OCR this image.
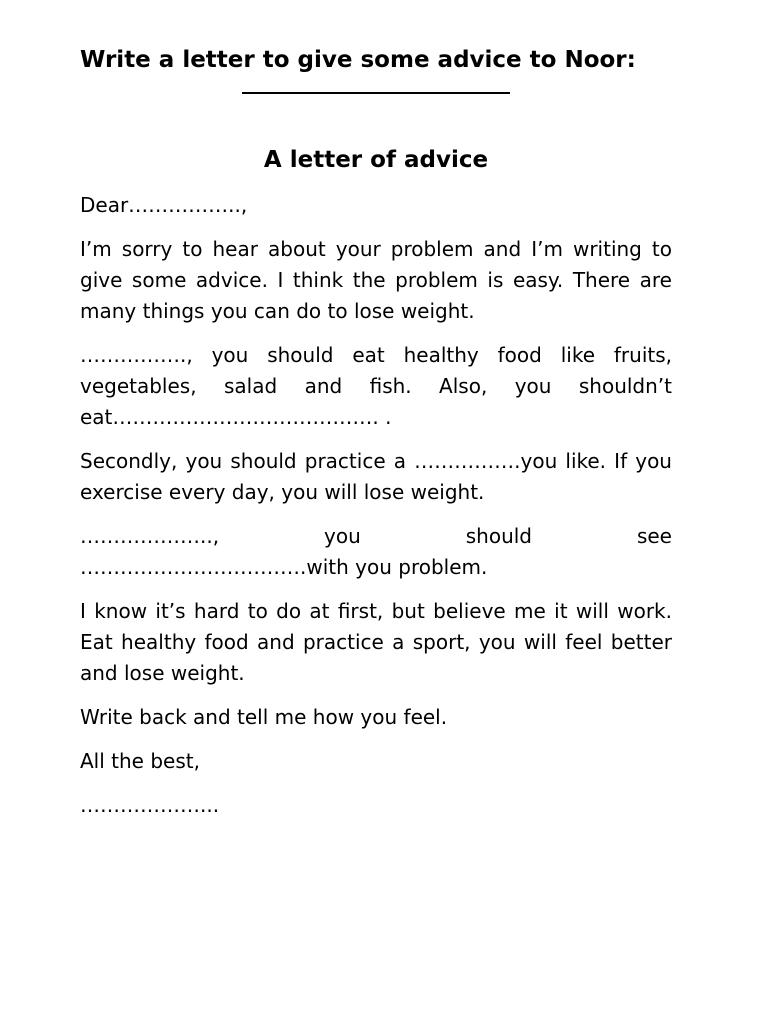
Write a letter to give some advice to Noor:
A letter of advice

Dear……………..,

I’m sorry to hear about your problem and I’m writing to give some advice. I think the problem is easy. There are many things you can do to lose weight.

……………., you should eat healthy food like fruits, vegetables, salad and fish. Also, you shouldn’t eat…………………………………. .

Secondly, you should practice a …………….you like. If you exercise every day, you will lose weight.

………………..,	you	should	see
…………………………….with you problem.

I know it’s hard to do at first, but believe me it will work. Eat healthy food and practice a sport, you will feel better and lose weight.

Write back and tell me how you feel.

All the best,

………………...
